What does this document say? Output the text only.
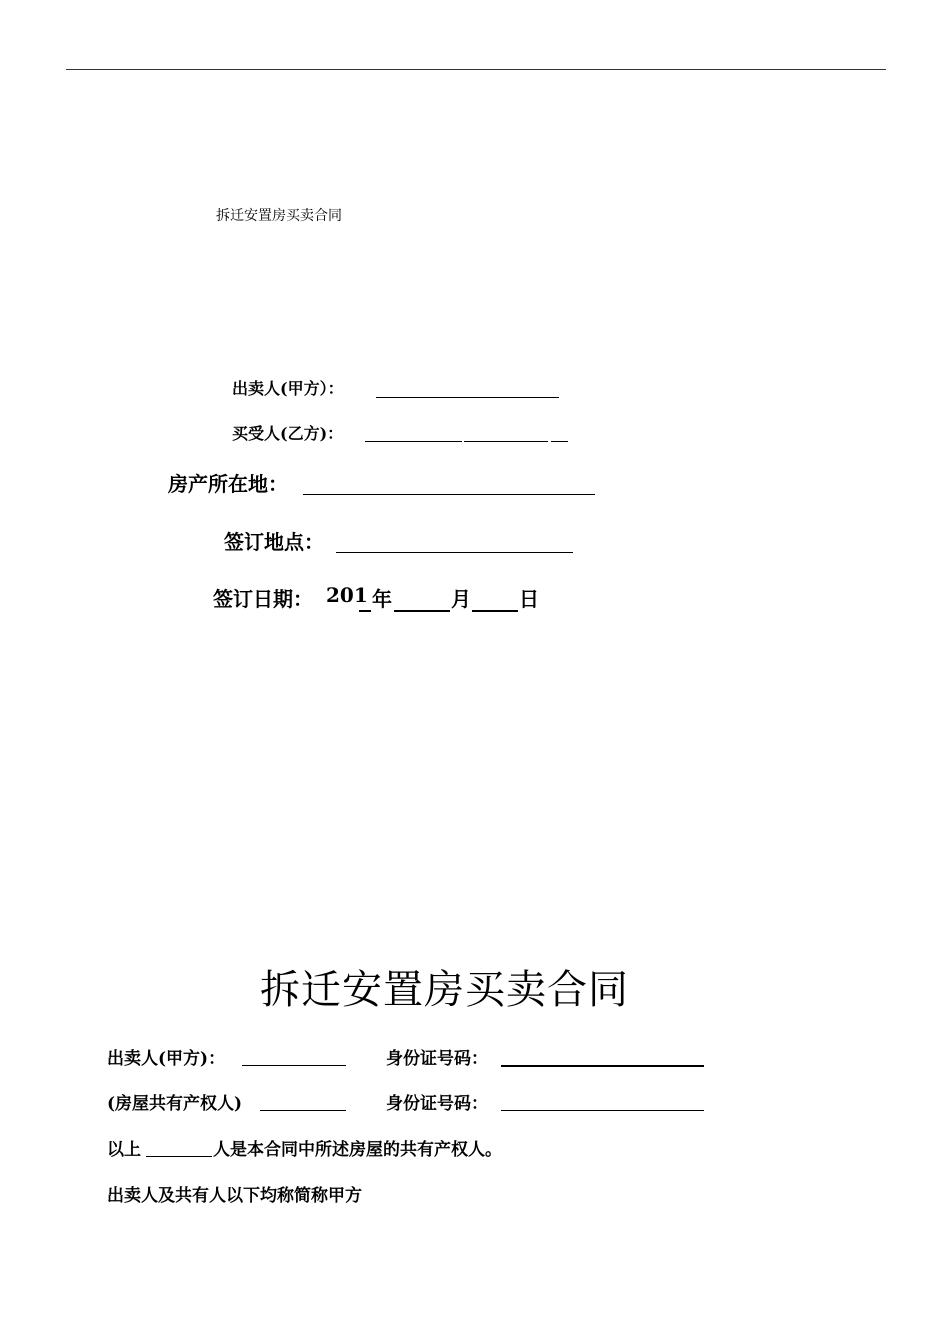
拆迁安置房买卖合同
出卖人(甲方）：
买受人(乙方)：
房产所在地：
签订地点：
签订日期： 201 年	月 日
拆迁安置房买卖合同
出卖人(甲方)：	身份证号码：
(房屋共有产权人)	身份证号码：
以上	人是本合同中所述房屋的共有产权人。
出卖人及共有人以下均称简称甲方
